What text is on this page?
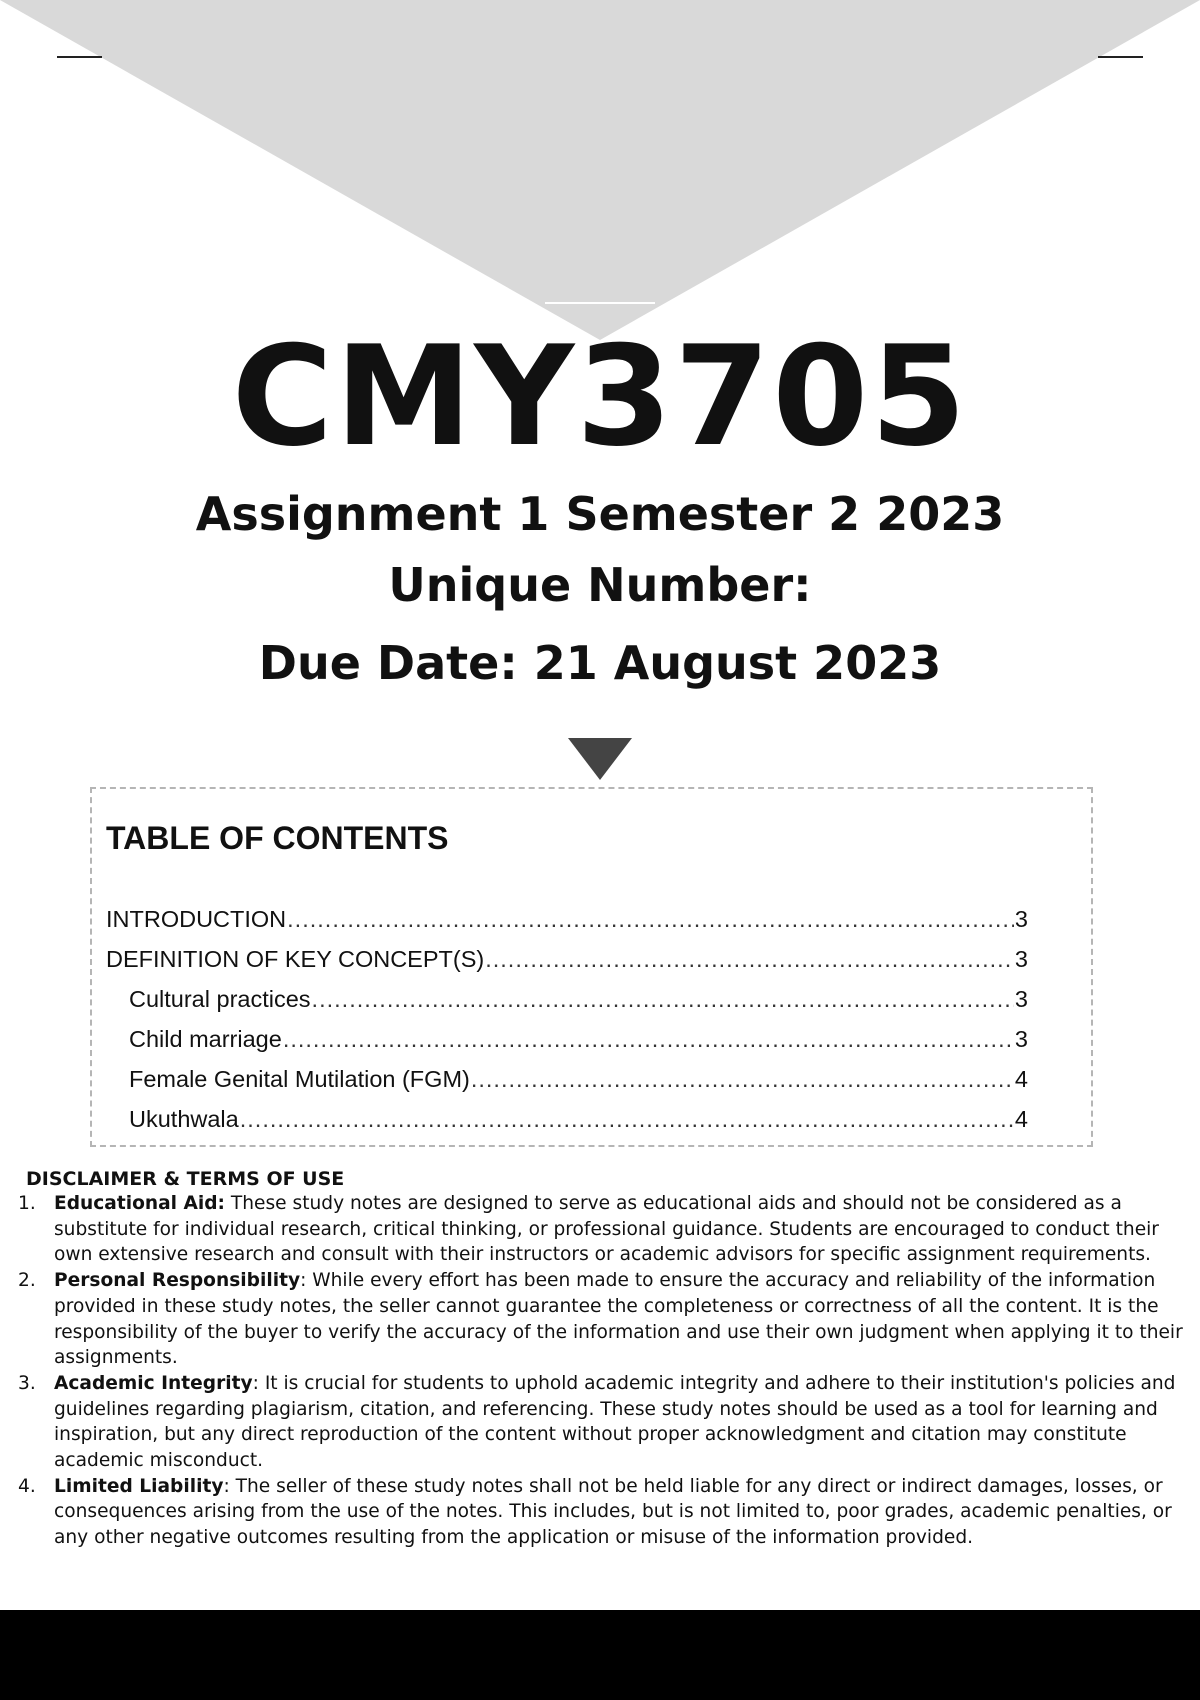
CMY3705
Assignment 1 Semester 2 2023
Unique Number:
Due Date: 21 August 2023
TABLE OF CONTENTS
INTRODUCTION .....	3
DEFINITION OF KEY CONCEPT(S) .....	3
Cultural practices .....	3
Child marriage .....	3
Female Genital Mutilation (FGM) .....	4
Ukuthwala .....	4
DISCLAIMER & TERMS OF USE
1. Educational Aid: These study notes are designed to serve as educational aids and should not be considered as a substitute for individual research, critical thinking, or professional guidance. Students are encouraged to conduct their own extensive research and consult with their instructors or academic advisors for specific assignment requirements.
2. Personal Responsibility: While every effort has been made to ensure the accuracy and reliability of the information provided in these study notes, the seller cannot guarantee the completeness or correctness of all the content. It is the responsibility of the buyer to verify the accuracy of the information and use their own judgment when applying it to their assignments.
3. Academic Integrity: It is crucial for students to uphold academic integrity and adhere to their institution's policies and guidelines regarding plagiarism, citation, and referencing. These study notes should be used as a tool for learning and inspiration, but any direct reproduction of the content without proper acknowledgment and citation may constitute academic misconduct.
4. Limited Liability: The seller of these study notes shall not be held liable for any direct or indirect damages, losses, or consequences arising from the use of the notes. This includes, but is not limited to, poor grades, academic penalties, or any other negative outcomes resulting from the application or misuse of the information provided.
